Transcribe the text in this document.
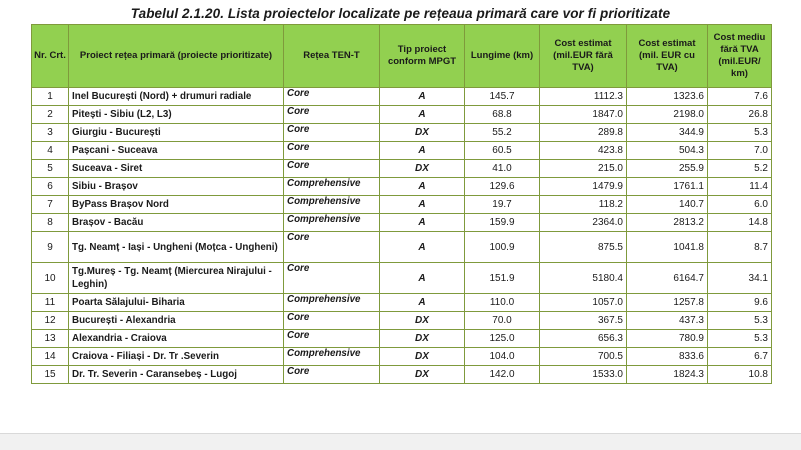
Tabelul 2.1.20. Lista proiectelor localizate pe rețeaua primară care vor fi prioritizate
Nr. Crt.	Proiect rețea primară (proiecte prioritizate)	Rețea TEN-T	Tip proiect conform MPGT	Lungime (km)	Cost estimat (mil.EUR fără TVA)	Cost estimat (mil. EUR cu TVA)	Cost mediu fără TVA (mil.EUR/ km)
1	Inel București (Nord) + drumuri radiale	Core	A	145.7	1112.3	1323.6	7.6
2	Pitești - Sibiu (L2, L3)	Core	A	68.8	1847.0	2198.0	26.8
3	Giurgiu - București	Core	DX	55.2	289.8	344.9	5.3
4	Pașcani - Suceava	Core	A	60.5	423.8	504.3	7.0
5	Suceava - Siret	Core	DX	41.0	215.0	255.9	5.2
6	Sibiu - Brașov	Comprehensive	A	129.6	1479.9	1761.1	11.4
7	ByPass Brașov Nord	Comprehensive	A	19.7	118.2	140.7	6.0
8	Brașov - Bacău	Comprehensive	A	159.9	2364.0	2813.2	14.8
9	Tg. Neamț - Iași - Ungheni (Moțca - Ungheni)	Core	A	100.9	875.5	1041.8	8.7
10	Tg.Mureș - Tg. Neamț (Miercurea Nirajului - Leghin)	Core	A	151.9	5180.4	6164.7	34.1
11	Poarta Sălajului- Biharia	Comprehensive	A	110.0	1057.0	1257.8	9.6
12	București - Alexandria	Core	DX	70.0	367.5	437.3	5.3
13	Alexandria - Craiova	Core	DX	125.0	656.3	780.9	5.3
14	Craiova - Filiași - Dr. Tr .Severin	Comprehensive	DX	104.0	700.5	833.6	6.7
15	Dr. Tr. Severin - Caransebeș - Lugoj	Core	DX	142.0	1533.0	1824.3	10.8
